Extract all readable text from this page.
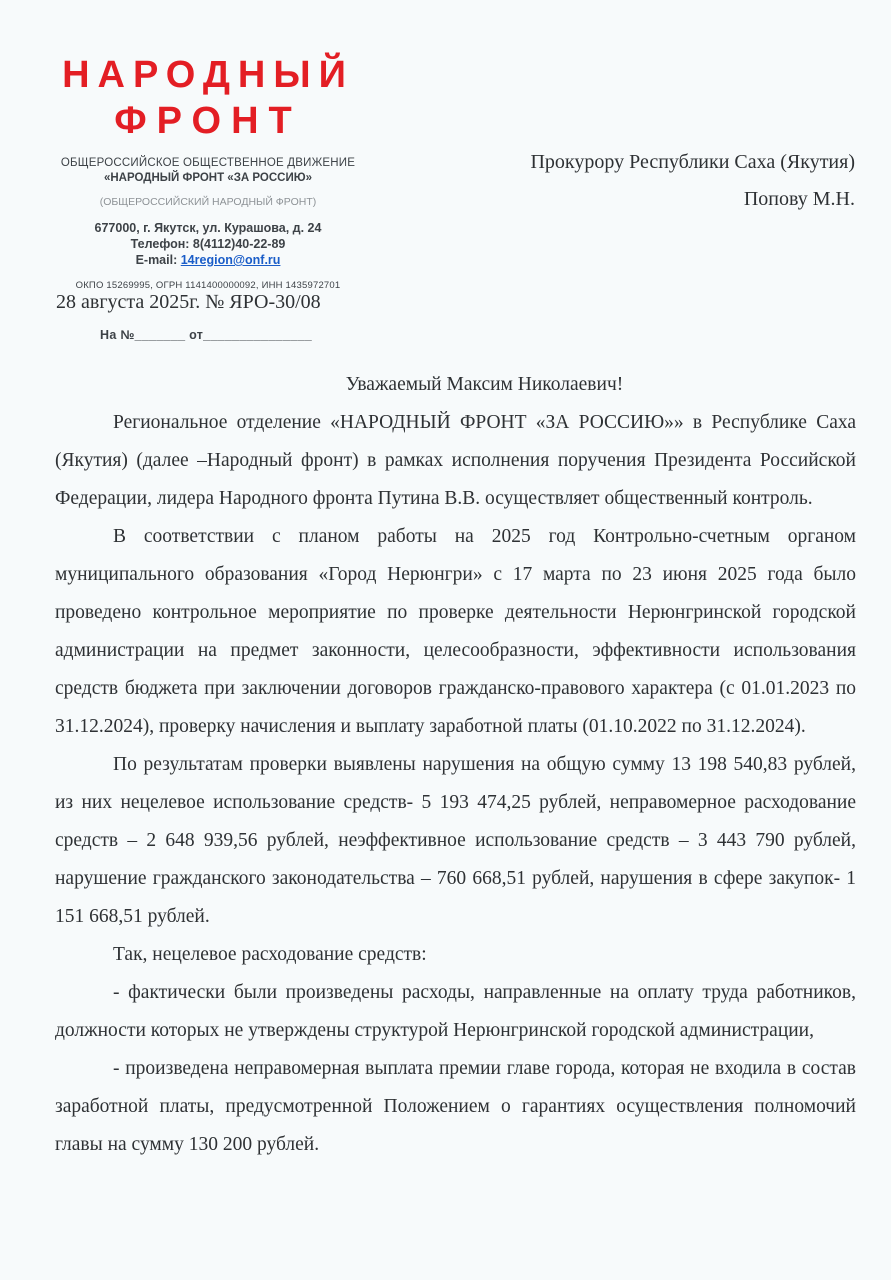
НАРОДНЫЙ
ФРОНТ
ОБЩЕРОССИЙСКОЕ ОБЩЕСТВЕННОЕ ДВИЖЕНИЕ
«НАРОДНЫЙ ФРОНТ «ЗА РОССИЮ»
(ОБЩЕРОССИЙСКИЙ НАРОДНЫЙ ФРОНТ)
677000, г. Якутск, ул. Курашова, д. 24
Телефон: 8(4112)40-22-89
E-mail: 14region@onf.ru
ОКПО 15269995, ОГРН 1141400000092, ИНН 1435972701
Прокурору Республики Саха (Якутия)
Попову М.Н.
28 августа 2025г. № ЯРО-30/08
На №_______ от_______________

Уважаемый Максим Николаевич!

Региональное отделение «НАРОДНЫЙ ФРОНТ «ЗА РОССИЮ»» в Республике Саха (Якутия) (далее –Народный фронт) в рамках исполнения поручения Президента Российской Федерации, лидера Народного фронта Путина В.В. осуществляет общественный контроль.

В соответствии с планом работы на 2025 год Контрольно-счетным органом муниципального образования «Город Нерюнгри» с 17 марта по 23 июня 2025 года было проведено контрольное мероприятие по проверке деятельности Нерюнгринской городской администрации на предмет законности, целесообразности, эффективности использования средств бюджета при заключении договоров гражданско-правового характера (с 01.01.2023 по 31.12.2024), проверку начисления и выплату заработной платы (01.10.2022 по 31.12.2024).

По результатам проверки выявлены нарушения на общую сумму 13 198 540,83 рублей, из них нецелевое использование средств- 5 193 474,25 рублей, неправомерное расходование средств – 2 648 939,56 рублей, неэффективное использование средств – 3 443 790 рублей, нарушение гражданского законодательства – 760 668,51 рублей, нарушения в сфере закупок- 1 151 668,51 рублей.

Так, нецелевое расходование средств:

- фактически были произведены расходы, направленные на оплату труда работников, должности которых не утверждены структурой Нерюнгринской городской администрации,

- произведена неправомерная выплата премии главе города, которая не входила в состав заработной платы, предусмотренной Положением о гарантиях осуществления полномочий главы на сумму 130 200 рублей.
